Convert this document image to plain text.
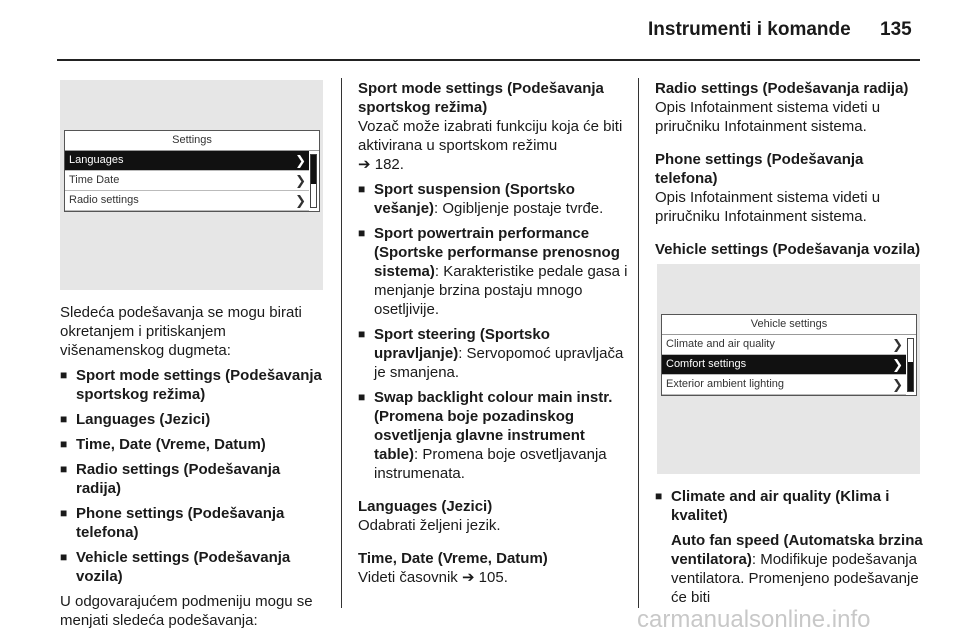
Instrumenti i komande 135
Settings
Languages	❯
Time Date	❯
Radio settings	❯

Sledeća podešavanja se mogu birati okretanjem i pritiskanjem višenamenskog dugmeta:

■ Sport mode settings (Podešavanja sportskog režima)

■ Languages (Jezici)

■ Time, Date (Vreme, Datum)

■ Radio settings (Podešavanja radija)

■ Phone settings (Podešavanja telefona)

■ Vehicle settings (Podešavanja vozila)

U odgovarajućem podmeniju mogu se menjati sledeća podešavanja:

Sport mode settings (Podešavanja sportskog režima)

Vozač može izabrati funkciju koja će biti aktivirana u sportskom režimu

➔ 182.

■ Sport suspension (Sportsko vešanje): Ogibljenje postaje tvrđe.

■ Sport powertrain performance (Sportske performanse prenosnog sistema): Karakteristike pedale gasa i menjanje brzina postaju mnogo osetljivije.

■ Sport steering (Sportsko upravljanje): Servopomoć upravljača je smanjena.

■ Swap backlight colour main instr. (Promena boje pozadinskog osvetljenja glavne instrument table): Promena boje osvetljavanja instrumenata.

Languages (Jezici)

Odabrati željeni jezik.

Time, Date (Vreme, Datum)

Videti časovnik ➔ 105.

Radio settings (Podešavanja radija)

Opis Infotainment sistema videti u priručniku Infotainment sistema.

Phone settings (Podešavanja telefona)

Opis Infotainment sistema videti u priručniku Infotainment sistema.

Vehicle settings (Podešavanja vozila)

Vehicle settings
Climate and air quality	❯
Comfort settings	❯
Exterior ambient lighting	❯

■ Climate and air quality (Klima i kvalitet)

Auto fan speed (Automatska brzina ventilatora): Modifikuje podešavanja ventilatora. Promenjeno podešavanje će biti

carmanualsonline.info
